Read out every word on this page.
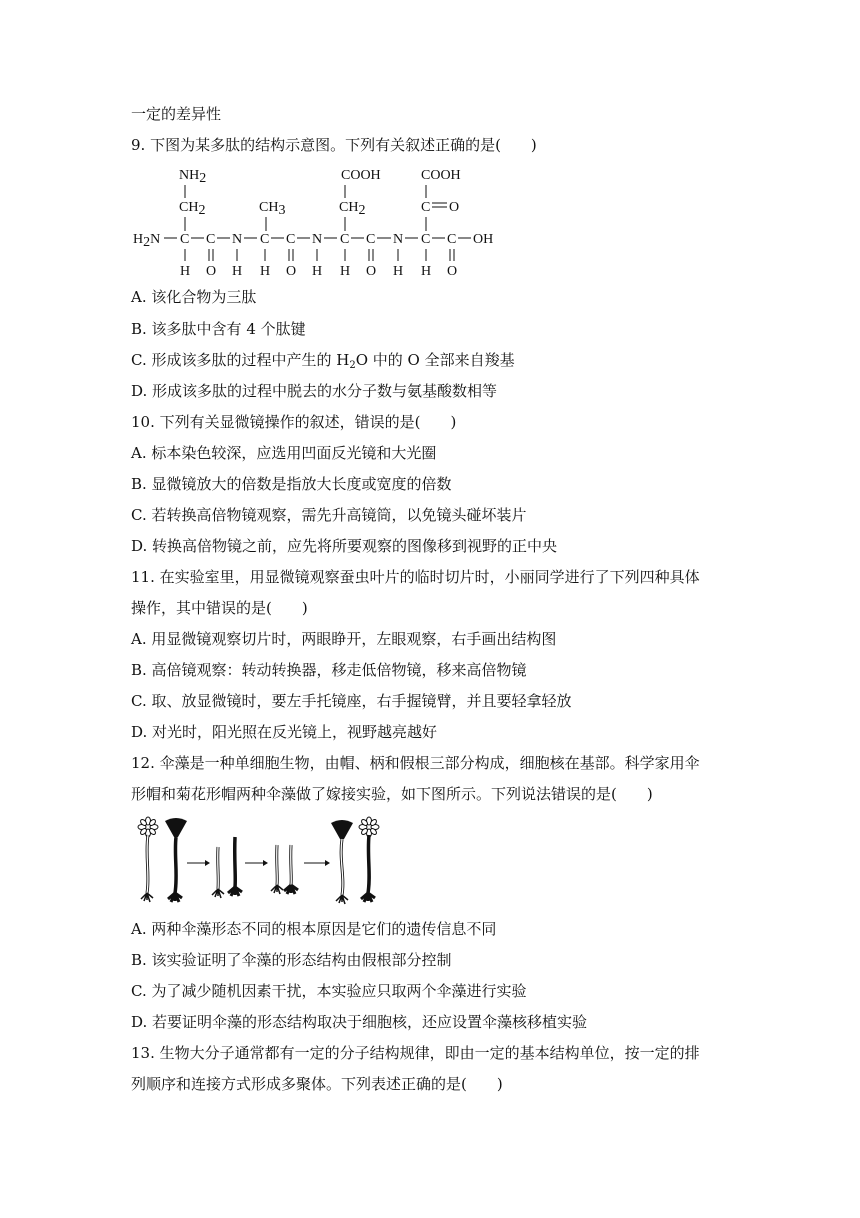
一定的差异性
9. 下图为某多肽的结构示意图。下列有关叙述正确的是(　　)
NH2	COOH	COOH
CH2	CH3	CH2	C O
H2N C C N C C N C C N C C OH
H O H H O H H O H H O
A. 该化合物为三肽
B. 该多肽中含有 4 个肽键
C. 形成该多肽的过程中产生的 $H_2O$ 中的 O 全部来自羧基
D. 形成该多肽的过程中脱去的水分子数与氨基酸数相等
10. 下列有关显微镜操作的叙述，错误的是(　　)
A. 标本染色较深，应选用凹面反光镜和大光圈
B. 显微镜放大的倍数是指放大长度或宽度的倍数
C. 若转换高倍物镜观察，需先升高镜筒，以免镜头碰坏装片
D. 转换高倍物镜之前，应先将所要观察的图像移到视野的正中央
11. 在实验室里，用显微镜观察蚕虫叶片的临时切片时，小丽同学进行了下列四种具体
操作，其中错误的是(　　)
A. 用显微镜观察切片时，两眼睁开，左眼观察，右手画出结构图
B. 高倍镜观察：转动转换器，移走低倍物镜，移来高倍物镜
C. 取、放显微镜时，要左手托镜座，右手握镜臂，并且要轻拿轻放
D. 对光时，阳光照在反光镜上，视野越亮越好
12. 伞藻是一种单细胞生物，由帽、柄和假根三部分构成，细胞核在基部。科学家用伞
形帽和菊花形帽两种伞藻做了嫁接实验，如下图所示。下列说法错误的是(　　)
A. 两种伞藻形态不同的根本原因是它们的遗传信息不同
B. 该实验证明了伞藻的形态结构由假根部分控制
C. 为了减少随机因素干扰，本实验应只取两个伞藻进行实验
D. 若要证明伞藻的形态结构取决于细胞核，还应设置伞藻核移植实验
13. 生物大分子通常都有一定的分子结构规律，即由一定的基本结构单位，按一定的排
列顺序和连接方式形成多聚体。下列表述正确的是(　　)
